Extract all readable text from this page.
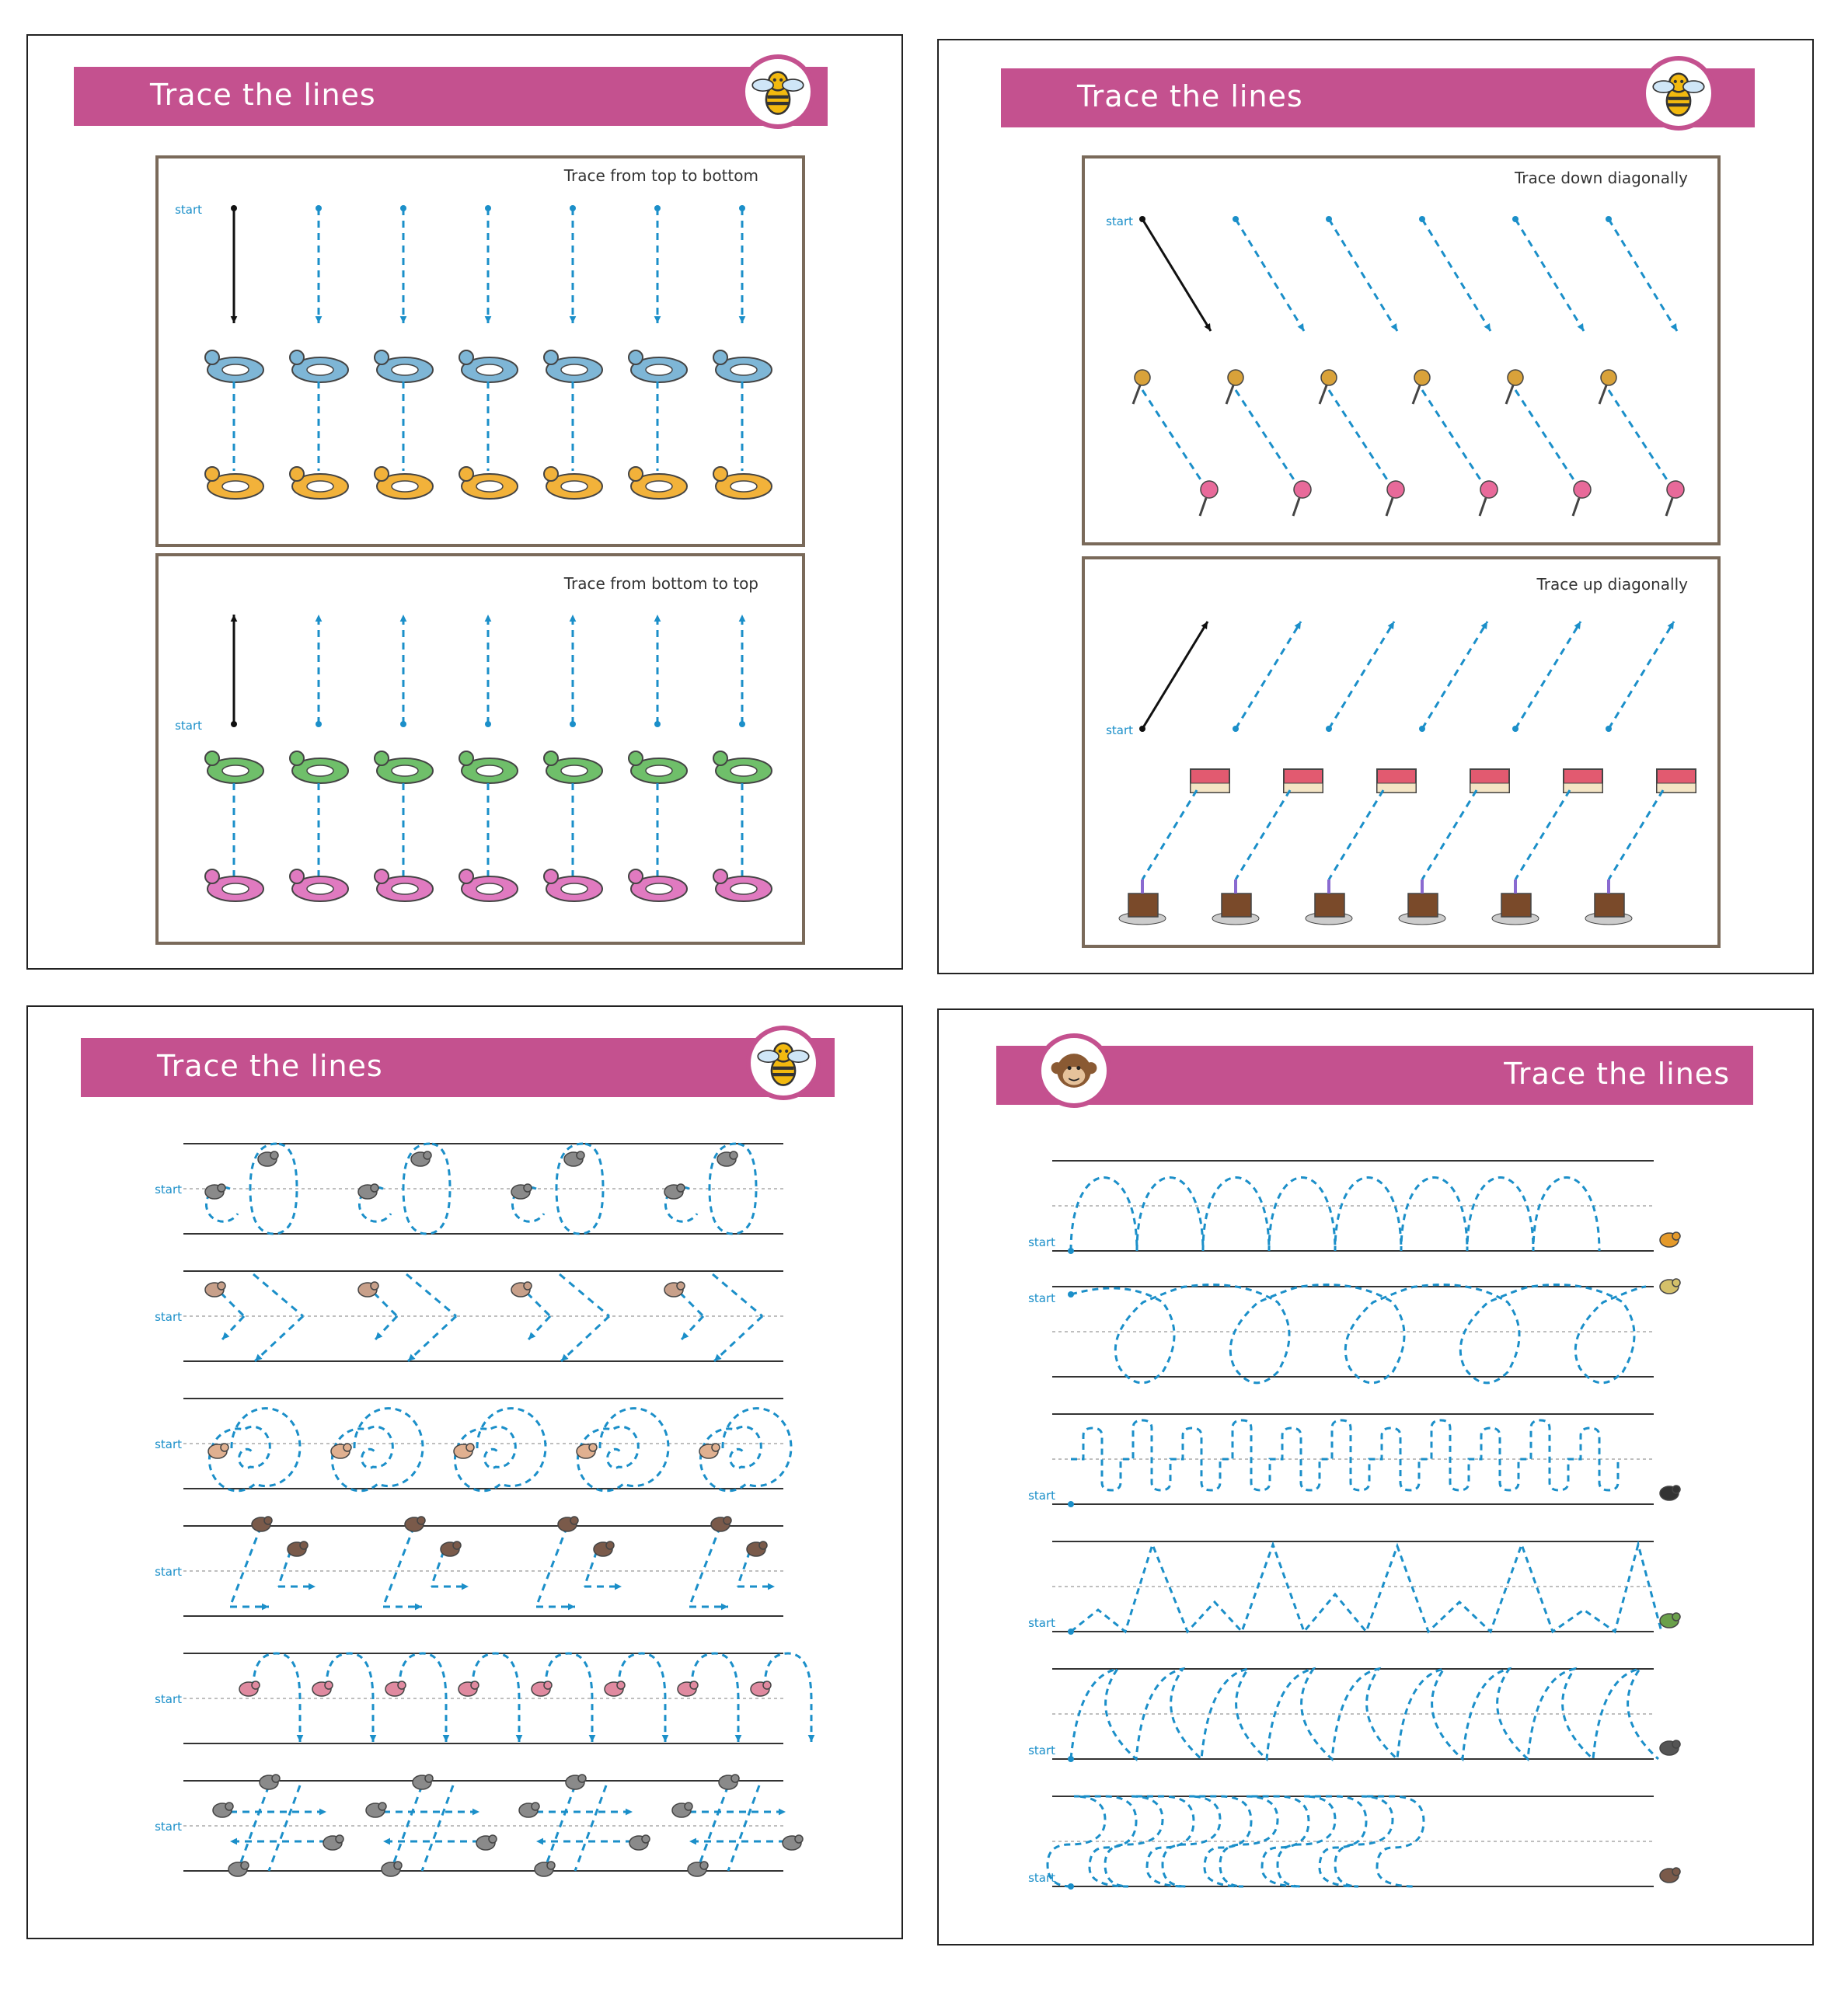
Trace the lines
Trace from top to bottom
start
Trace from bottom to top
start
Trace the lines
Trace down diagonally
start
Trace up diagonally
start
Trace the lines
start
start
start
start
start
start
Trace the lines
start
start
start
start
start
start
